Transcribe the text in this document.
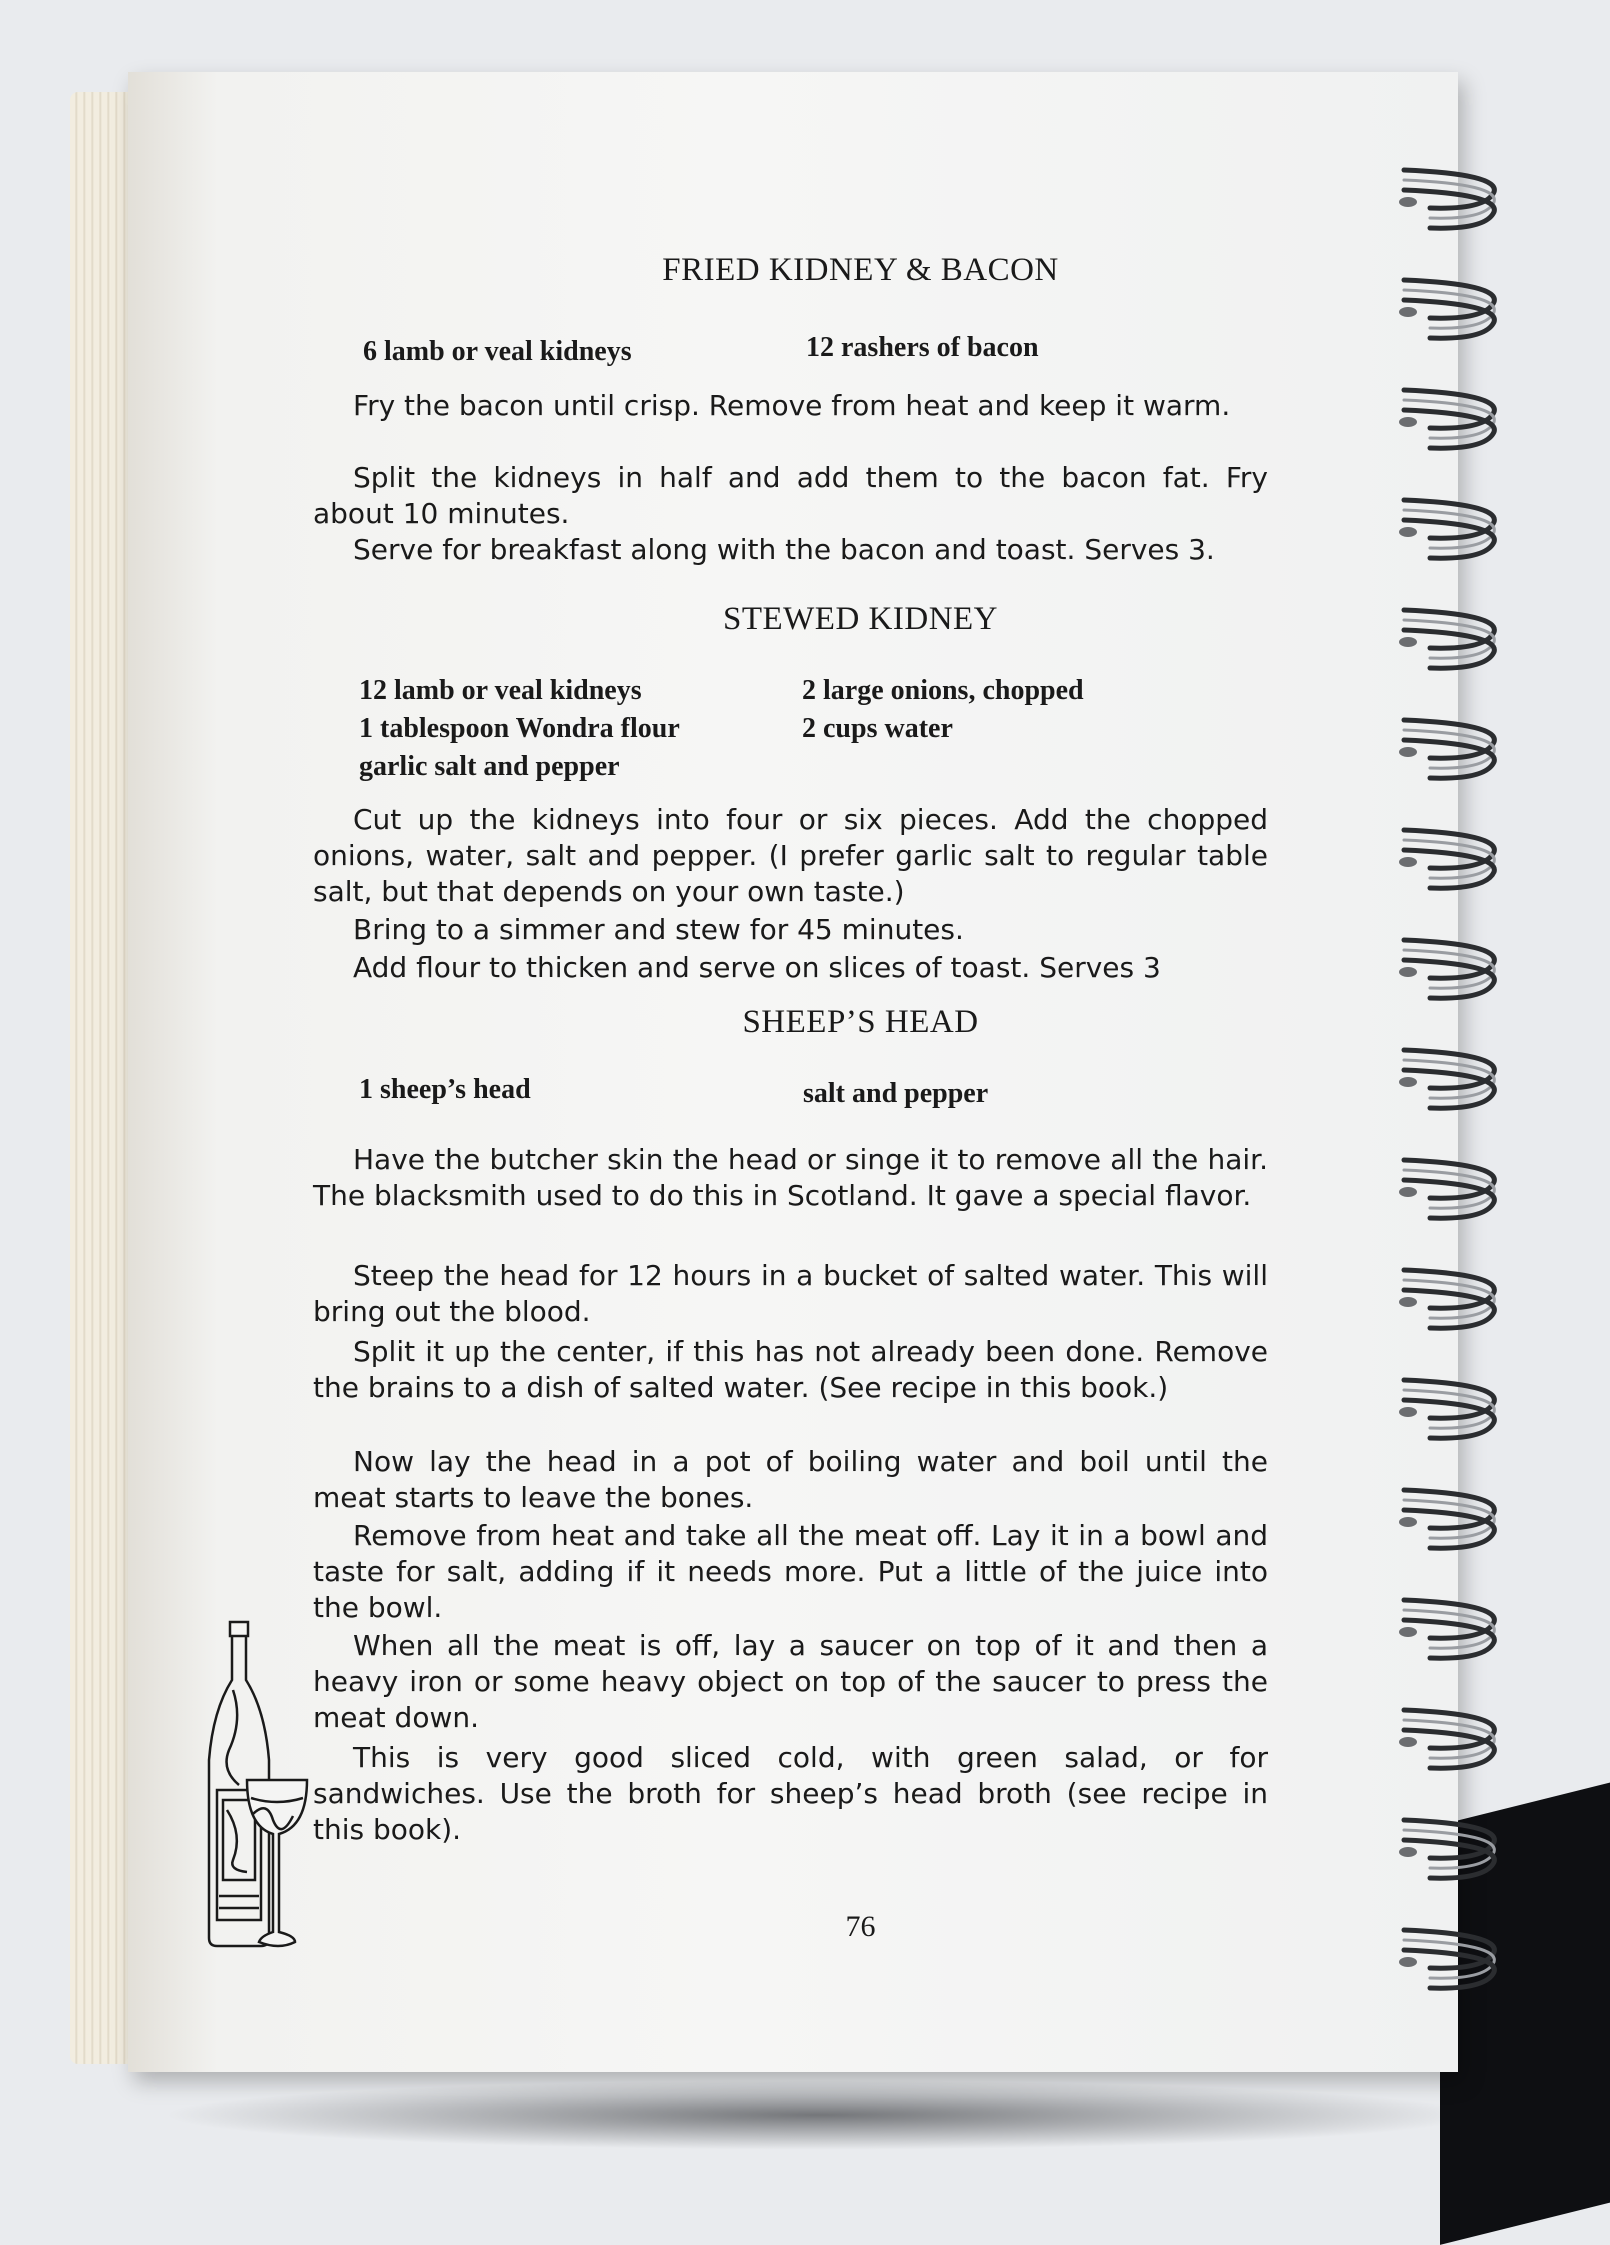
FRIED KIDNEY & BACON
6 lamb or veal kidneys	12 rashers of bacon
Fry the bacon until crisp. Remove from heat and keep it warm.
Split the kidneys in half and add them to the bacon fat. Fry about 10 minutes.
Serve for breakfast along with the bacon and toast. Serves 3.
STEWED KIDNEY
12 lamb or veal kidneys	2 large onions, chopped
1 tablespoon Wondra flour	2 cups water
garlic salt and pepper
Cut up the kidneys into four or six pieces. Add the chopped onions, water, salt and pepper. (I prefer garlic salt to regular table salt, but that depends on your own taste.)
Bring to a simmer and stew for 45 minutes.
Add flour to thicken and serve on slices of toast. Serves 3
SHEEP’S HEAD
1 sheep’s head	salt and pepper
Have the butcher skin the head or singe it to remove all the hair. The blacksmith used to do this in Scotland. It gave a special flavor.
Steep the head for 12 hours in a bucket of salted water. This will bring out the blood.
Split it up the center, if this has not already been done. Remove the brains to a dish of salted water. (See recipe in this book.)
Now lay the head in a pot of boiling water and boil until the meat starts to leave the bones.
Remove from heat and take all the meat off. Lay it in a bowl and taste for salt, adding if it needs more. Put a little of the juice into the bowl.
When all the meat is off, lay a saucer on top of it and then a heavy iron or some heavy object on top of the saucer to press the meat down.
This is very good sliced cold, with green salad, or for sandwiches. Use the broth for sheep’s head broth (see recipe in this book).
76
